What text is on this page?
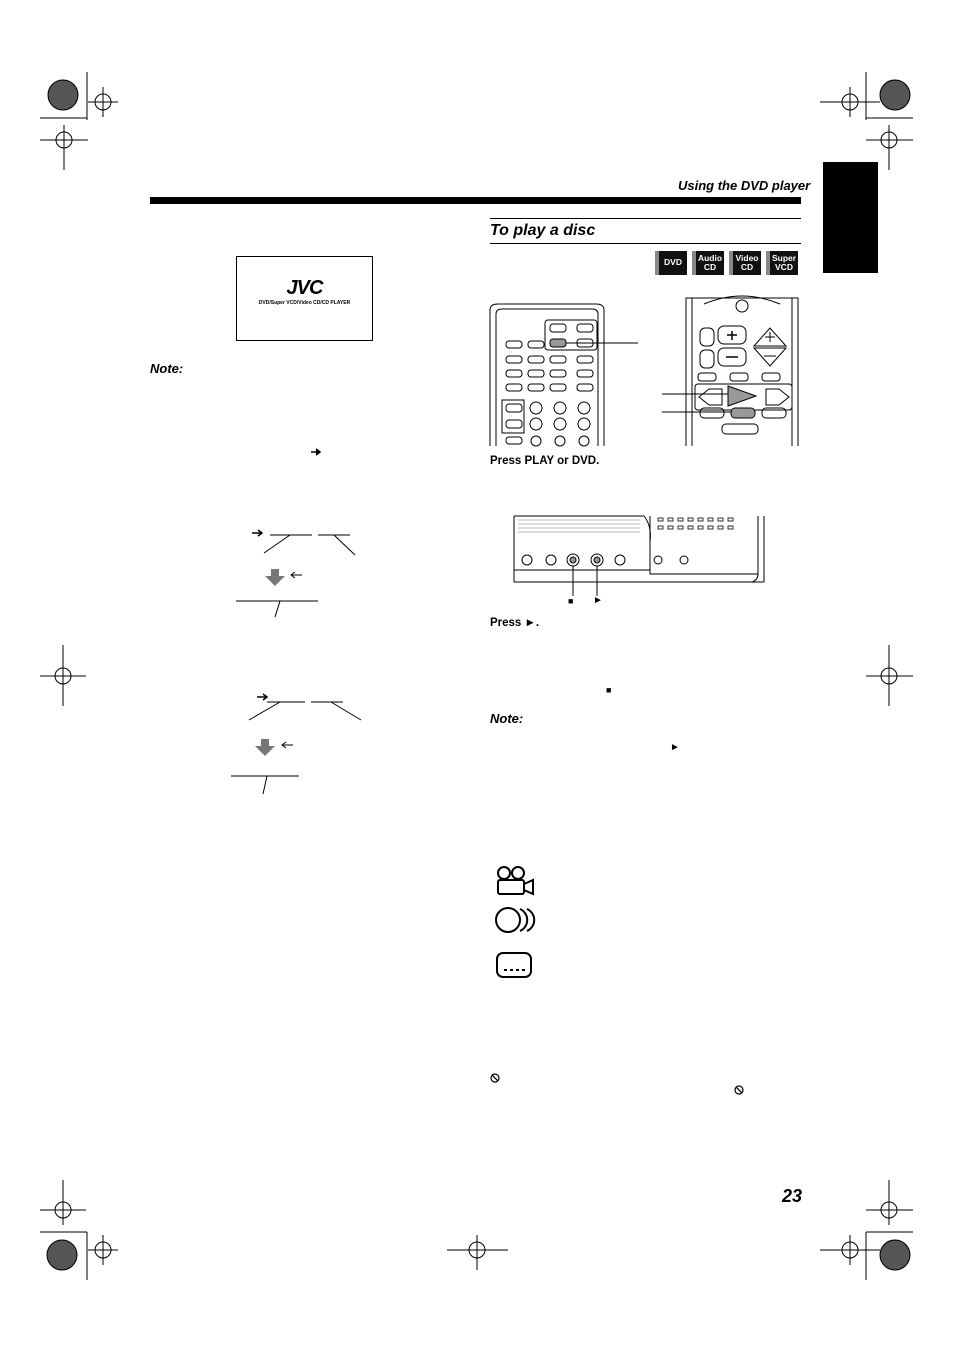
Using the DVD player
JVC
DVD/Super VCD/Video CD/CD PLAYER
Note:
To play a disc
DVD	Audio
CD
Video
CD
Super
VCD
Press PLAY or DVD.
■ ►
Press ►.
■
Note:
►
23
